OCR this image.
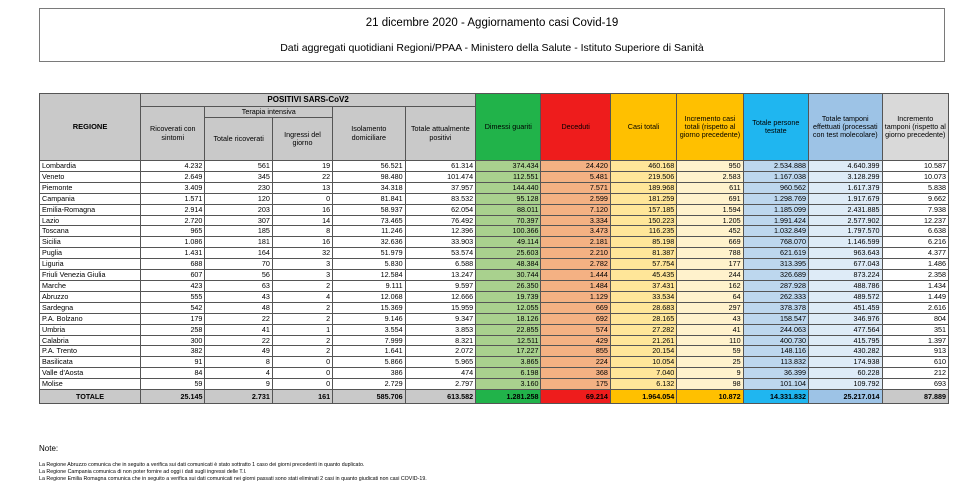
21 dicembre 2020 - Aggiornamento casi Covid-19
Dati aggregati quotidiani Regioni/PPAA - Ministero della Salute - Istituto Superiore di Sanità
REGIONE	POSITIVI SARS-CoV2					Dimessi guariti	Deceduti	Casi totali	Incremento casi totali (rispetto al giorno precedente)	Totale persone testate	Totale tamponi effettuati (processati con test molecolare)	Incremento tamponi (rispetto al giorno precedente)
	Ricoverati con sintomi	Terapia intensiva		Isolamento domiciliare	Totale attualmente positivi							
		Totale ricoverati	Ingressi del giorno									
Lombardia	4.232	561	19	56.521	61.314	374.434	24.420	460.168	950	2.534.888	4.640.399	10.587
Veneto	2.649	345	22	98.480	101.474	112.551	5.481	219.506	2.583	1.167.038	3.128.299	10.073
Piemonte	3.409	230	13	34.318	37.957	144.440	7.571	189.968	611	960.562	1.617.379	5.838
Campania	1.571	120	0	81.841	83.532	95.128	2.599	181.259	691	1.298.769	1.917.679	9.662
Emilia-Romagna	2.914	203	16	58.937	62.054	88.011	7.120	157.185	1.594	1.185.099	2.431.885	7.938
Lazio	2.720	307	14	73.465	76.492	70.397	3.334	150.223	1.205	1.991.424	2.577.902	12.237
Toscana	965	185	8	11.246	12.396	100.366	3.473	116.235	452	1.032.849	1.797.570	6.638
Sicilia	1.086	181	16	32.636	33.903	49.114	2.181	85.198	669	768.070	1.146.599	6.216
Puglia	1.431	164	32	51.979	53.574	25.603	2.210	81.387	788	621.619	963.643	4.377
Liguria	688	70	3	5.830	6.588	48.384	2.782	57.754	177	313.395	677.043	1.486
Friuli Venezia Giulia	607	56	3	12.584	13.247	30.744	1.444	45.435	244	326.689	873.224	2.358
Marche	423	63	2	9.111	9.597	26.350	1.484	37.431	162	287.928	488.786	1.434
Abruzzo	555	43	4	12.068	12.666	19.739	1.129	33.534	64	262.333	489.572	1.449
Sardegna	542	48	2	15.369	15.959	12.055	669	28.683	297	378.378	451.459	2.616
P.A. Bolzano	179	22	2	9.146	9.347	18.126	692	28.165	43	158.547	346.976	804
Umbria	258	41	1	3.554	3.853	22.855	574	27.282	41	244.063	477.564	351
Calabria	300	22	2	7.999	8.321	12.511	429	21.261	110	400.730	415.795	1.397
P.A. Trento	382	49	2	1.641	2.072	17.227	855	20.154	59	148.116	430.282	913
Basilicata	91	8	0	5.866	5.965	3.865	224	10.054	25	113.832	174.938	610
Valle d'Aosta	84	4	0	386	474	6.198	368	7.040	9	36.399	60.228	212
Molise	59	9	0	2.729	2.797	3.160	175	6.132	98	101.104	109.792	693
TOTALE	25.145	2.731	161	585.706	613.582	1.281.258	69.214	1.964.054	10.872	14.331.832	25.217.014	87.889
Note:
La Regione Abruzzo comunica che in seguito a verifica sui dati comunicati è stato sottratto 1 caso dei giorni precedenti in quanto duplicato.
La Regione Campania comunica di non poter fornire ad oggi i dati sugli ingressi delle T.I.
La Regione Emilia Romagna comunica che in seguito a verifica sui dati comunicati nei giorni passati sono stati eliminati 2 casi in quanto giudicati non casi COVID-19.
